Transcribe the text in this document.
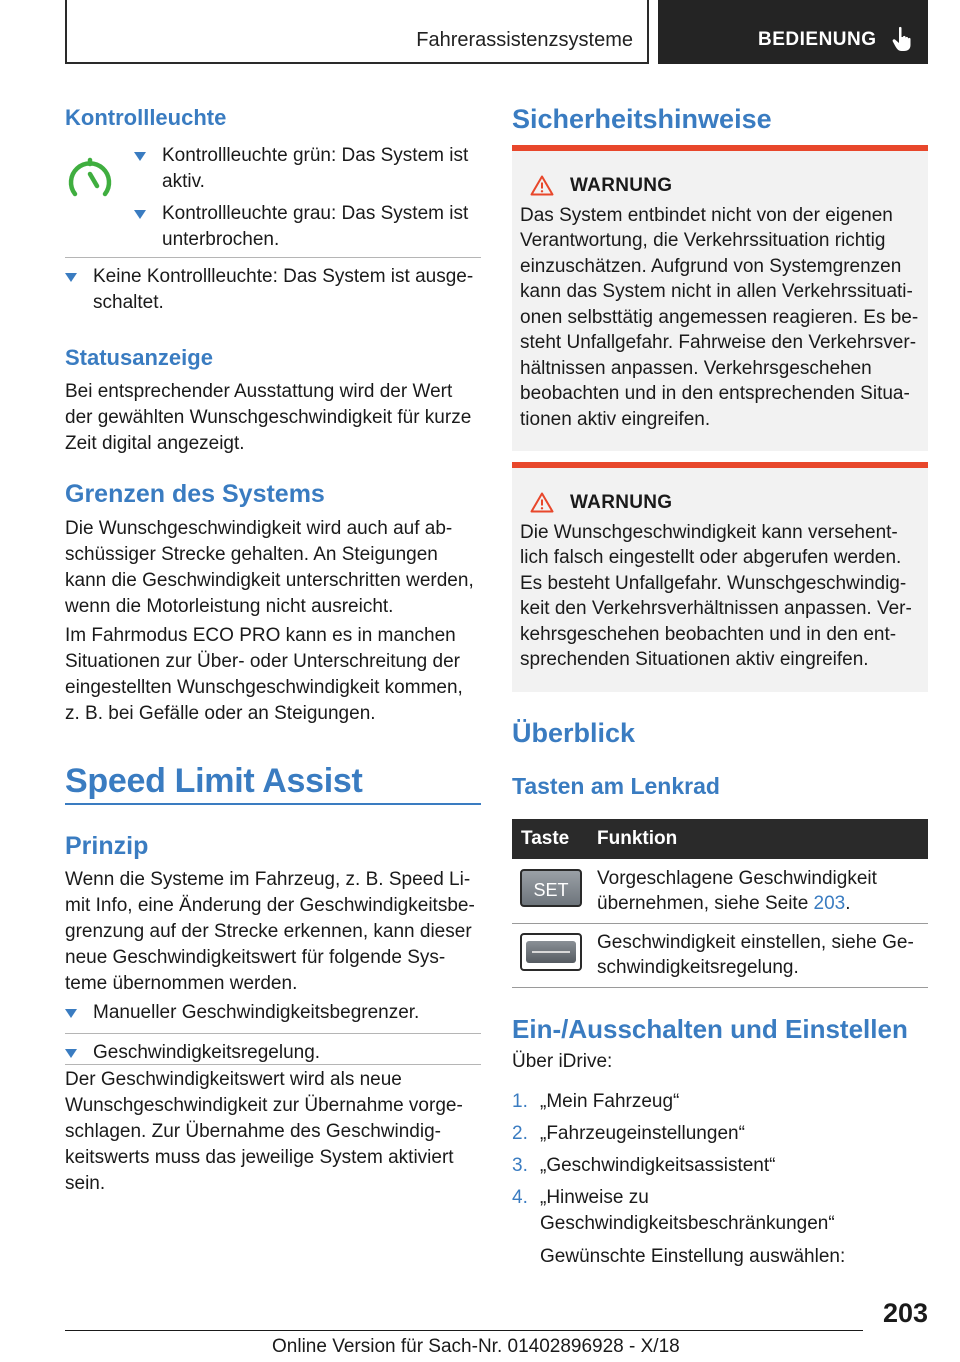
Fahrerassistenzsysteme	BEDIENUNG
Kontrollleuchte
Kontrollleuchte grün: Das System ist aktiv.
Kontrollleuchte grau: Das System ist unterbrochen.
Keine Kontrollleuchte: Das System ist ausge-schaltet.
Statusanzeige
Bei entsprechender Ausstattung wird der Wert der gewählten Wunschgeschwindigkeit für kurze Zeit digital angezeigt.
Grenzen des Systems
Die Wunschgeschwindigkeit wird auch auf ab-schüssiger Strecke gehalten. An Steigungen kann die Geschwindigkeit unterschritten werden, wenn die Motorleistung nicht ausreicht.
Im Fahrmodus ECO PRO kann es in manchen Situationen zur Über- oder Unterschreitung der eingestellten Wunschgeschwindigkeit kommen, z. B. bei Gefälle oder an Steigungen.
Speed Limit Assist
Prinzip
Wenn die Systeme im Fahrzeug, z. B. Speed Li-mit Info, eine Änderung der Geschwindigkeitsbe-grenzung auf der Strecke erkennen, kann dieser neue Geschwindigkeitswert für folgende Sys-teme übernommen werden.
Manueller Geschwindigkeitsbegrenzer.
Geschwindigkeitsregelung.
Der Geschwindigkeitswert wird als neue Wunschgeschwindigkeit zur Übernahme vorge-schlagen. Zur Übernahme des Geschwindig-keitswerts muss das jeweilige System aktiviert sein.
Sicherheitshinweise
WARNUNG
Das System entbindet nicht von der eigenen Verantwortung, die Verkehrssituation richtig einzuschätzen. Aufgrund von Systemgrenzen kann das System nicht in allen Verkehrssituati-onen selbsttätig angemessen reagieren. Es be-steht Unfallgefahr. Fahrweise den Verkehrsver-hältnissen anpassen. Verkehrsgeschehen beobachten und in den entsprechenden Situa-tionen aktiv eingreifen.
WARNUNG
Die Wunschgeschwindigkeit kann versehent-lich falsch eingestellt oder abgerufen werden. Es besteht Unfallgefahr. Wunschgeschwindig-keit den Verkehrsverhältnissen anpassen. Ver-kehrsgeschehen beobachten und in den ent-sprechenden Situationen aktiv eingreifen.
Überblick
Tasten am Lenkrad
Taste Funktion
SET
Vorgeschlagene Geschwindigkeit übernehmen, siehe Seite 203.
Geschwindigkeit einstellen, siehe Ge-schwindigkeitsregelung.
Ein-/Ausschalten und Einstellen
Über iDrive:
1. „Mein Fahrzeug“
2. „Fahrzeugeinstellungen“
3. „Geschwindigkeitsassistent“
4. „Hinweise zu Geschwindigkeitsbeschränkungen“
Gewünschte Einstellung auswählen:
203
Online Version für Sach-Nr. 01402896928 - X/18
